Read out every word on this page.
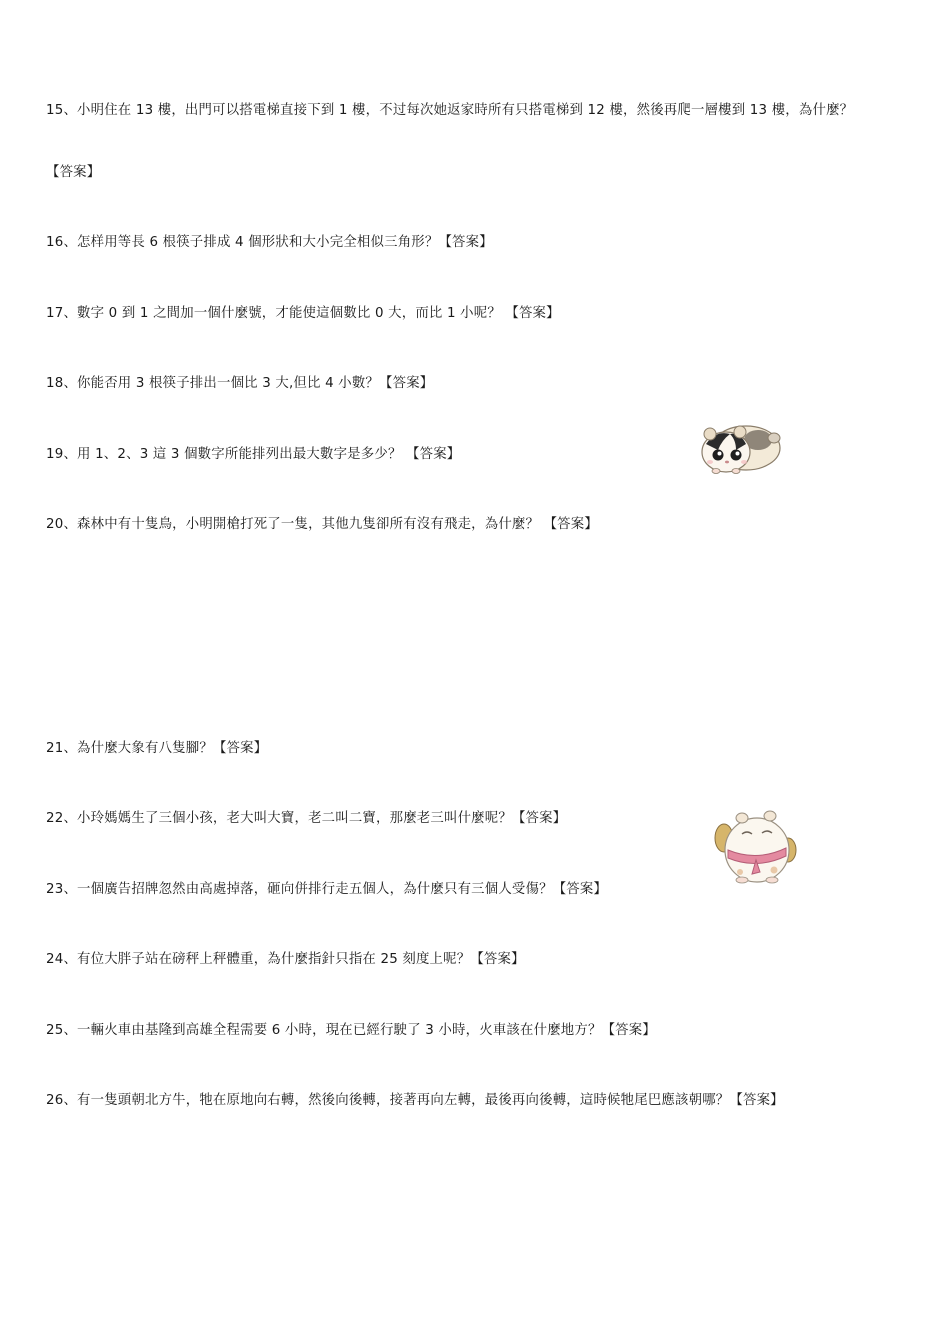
15、小明住在 13 樓，出門可以搭電梯直接下到 1 樓，不过每次她返家時所有只搭電梯到 12 樓，然後再爬一層樓到 13 樓，為什麼？
【答案】
16、怎样用等長 6 根筷子排成 4 個形狀和大小完全相似三角形？【答案】
17、數字 0 到 1 之間加一個什麼號，才能使這個數比 0 大，而比 1 小呢？ 【答案】
18、你能否用 3 根筷子排出一個比 3 大,但比 4 小數？【答案】
19、用 1、2、3 這 3 個數字所能排列出最大數字是多少？ 【答案】
20、森林中有十隻鳥，小明開槍打死了一隻，其他九隻卻所有沒有飛走，為什麼？ 【答案】
21、為什麼大象有八隻腳？【答案】
22、小玲媽媽生了三個小孩，老大叫大寶，老二叫二寶，那麼老三叫什麼呢？【答案】
23、一個廣告招牌忽然由高處掉落，砸向併排行走五個人，為什麼只有三個人受傷？【答案】
24、有位大胖子站在磅秤上秤體重，為什麼指針只指在 25 刻度上呢？【答案】
25、一輛火車由基隆到高雄全程需要 6 小時，現在已經行駛了 3 小時，火車該在什麼地方？【答案】
26、有一隻頭朝北方牛，牠在原地向右轉，然後向後轉，接著再向左轉，最後再向後轉，這時候牠尾巴應該朝哪？【答案】
